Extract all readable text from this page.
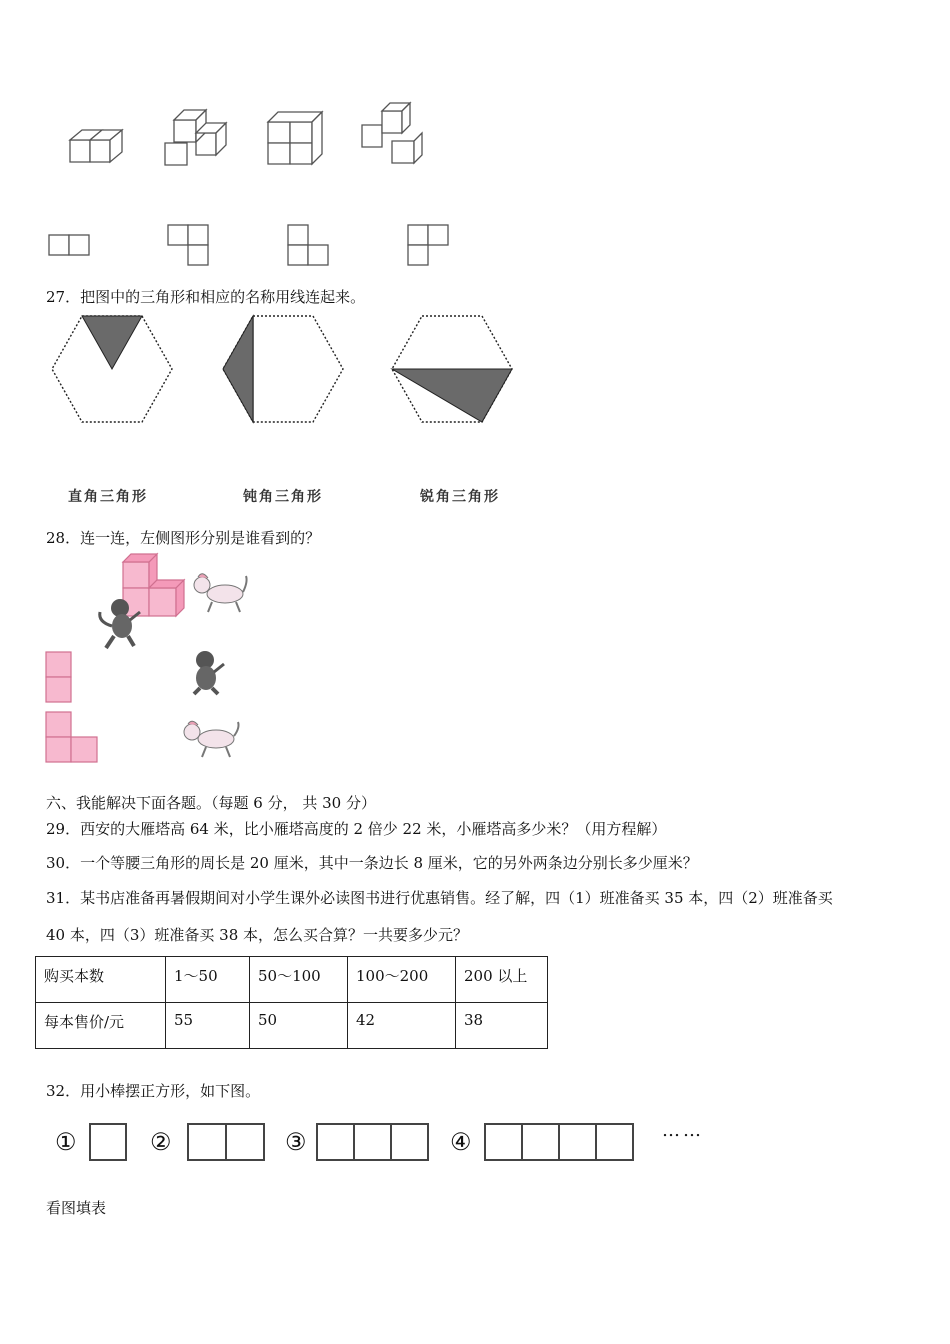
27．把图中的三角形和相应的名称用线连起来。
直角三角形	钝角三角形	锐角三角形
28．连一连，左侧图形分别是谁看到的？
六、我能解决下面各题。（每题 6 分， 共 30 分）
29．西安的大雁塔高 64 米，比小雁塔高度的 2 倍少 22 米，小雁塔高多少米？（用方程解）
30．一个等腰三角形的周长是 20 厘米，其中一条边长 8 厘米，它的另外两条边分别长多少厘米？
31．某书店准备再暑假期间对小学生课外必读图书进行优惠销售。经了解，四（1）班准备买 35 本，四（2）班准备买
40 本，四（3）班准备买 38 本，怎么买合算？一共要多少元？
购买本数	1～50	50～100	100～200	200 以上
每本售价/元	55	50	42	38
32．用小棒摆正方形，如下图。
①	②	③	④	……
看图填表
